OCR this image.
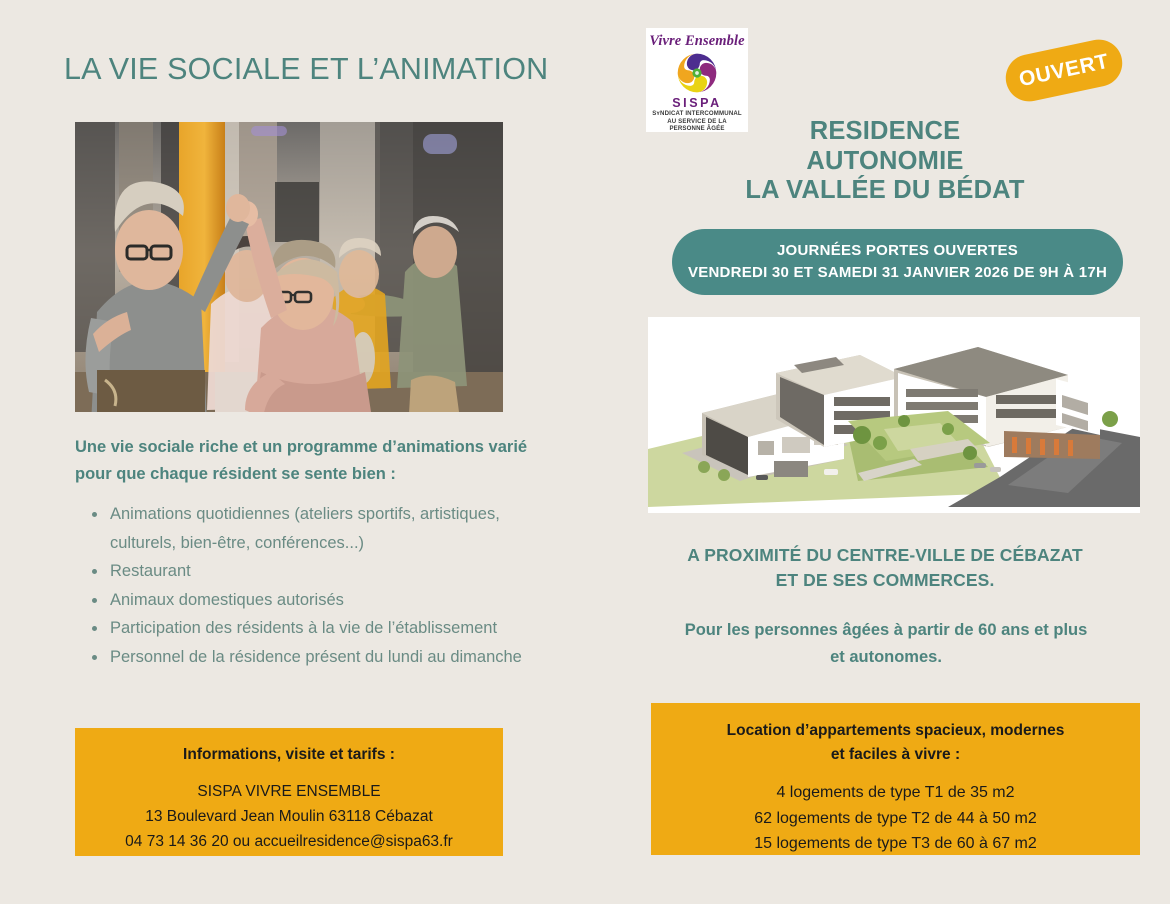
LA VIE SOCIALE ET L’ANIMATION
Une vie sociale riche et un programme d’animations varié pour que chaque résident se sente bien :
Animations quotidiennes (ateliers sportifs, artistiques, culturels, bien-être, conférences...)
Restaurant
Animaux domestiques autorisés
Participation des résidents à la vie de l’établissement
Personnel de la résidence présent du lundi au dimanche
Informations, visite et tarifs :
SISPA VIVRE ENSEMBLE
13 Boulevard Jean Moulin 63118 Cébazat
04 73 14 36 20 ou accueilresidence@sispa63.fr
Vivre Ensemble
SISPA
SʏNDICAT INTERCOMMUNAL
AU SERVICE DE LA PERSONNE ÂGÉE
OUVERT
RESIDENCE
AUTONOMIE
LA VALLÉE DU BÉDAT
JOURNÉES PORTES OUVERTES
VENDREDI 30 ET SAMEDI 31 JANVIER 2026 DE 9H À 17H
A PROXIMITÉ DU CENTRE-VILLE DE CÉBAZAT
ET DE SES COMMERCES.
Pour les personnes âgées à partir de 60 ans et plus
et autonomes.
Location d’appartements spacieux, modernes
et faciles à vivre :
4 logements de type T1 de 35 m2
62 logements de type T2 de 44 à 50 m2
15 logements de type T3 de 60 à 67 m2
